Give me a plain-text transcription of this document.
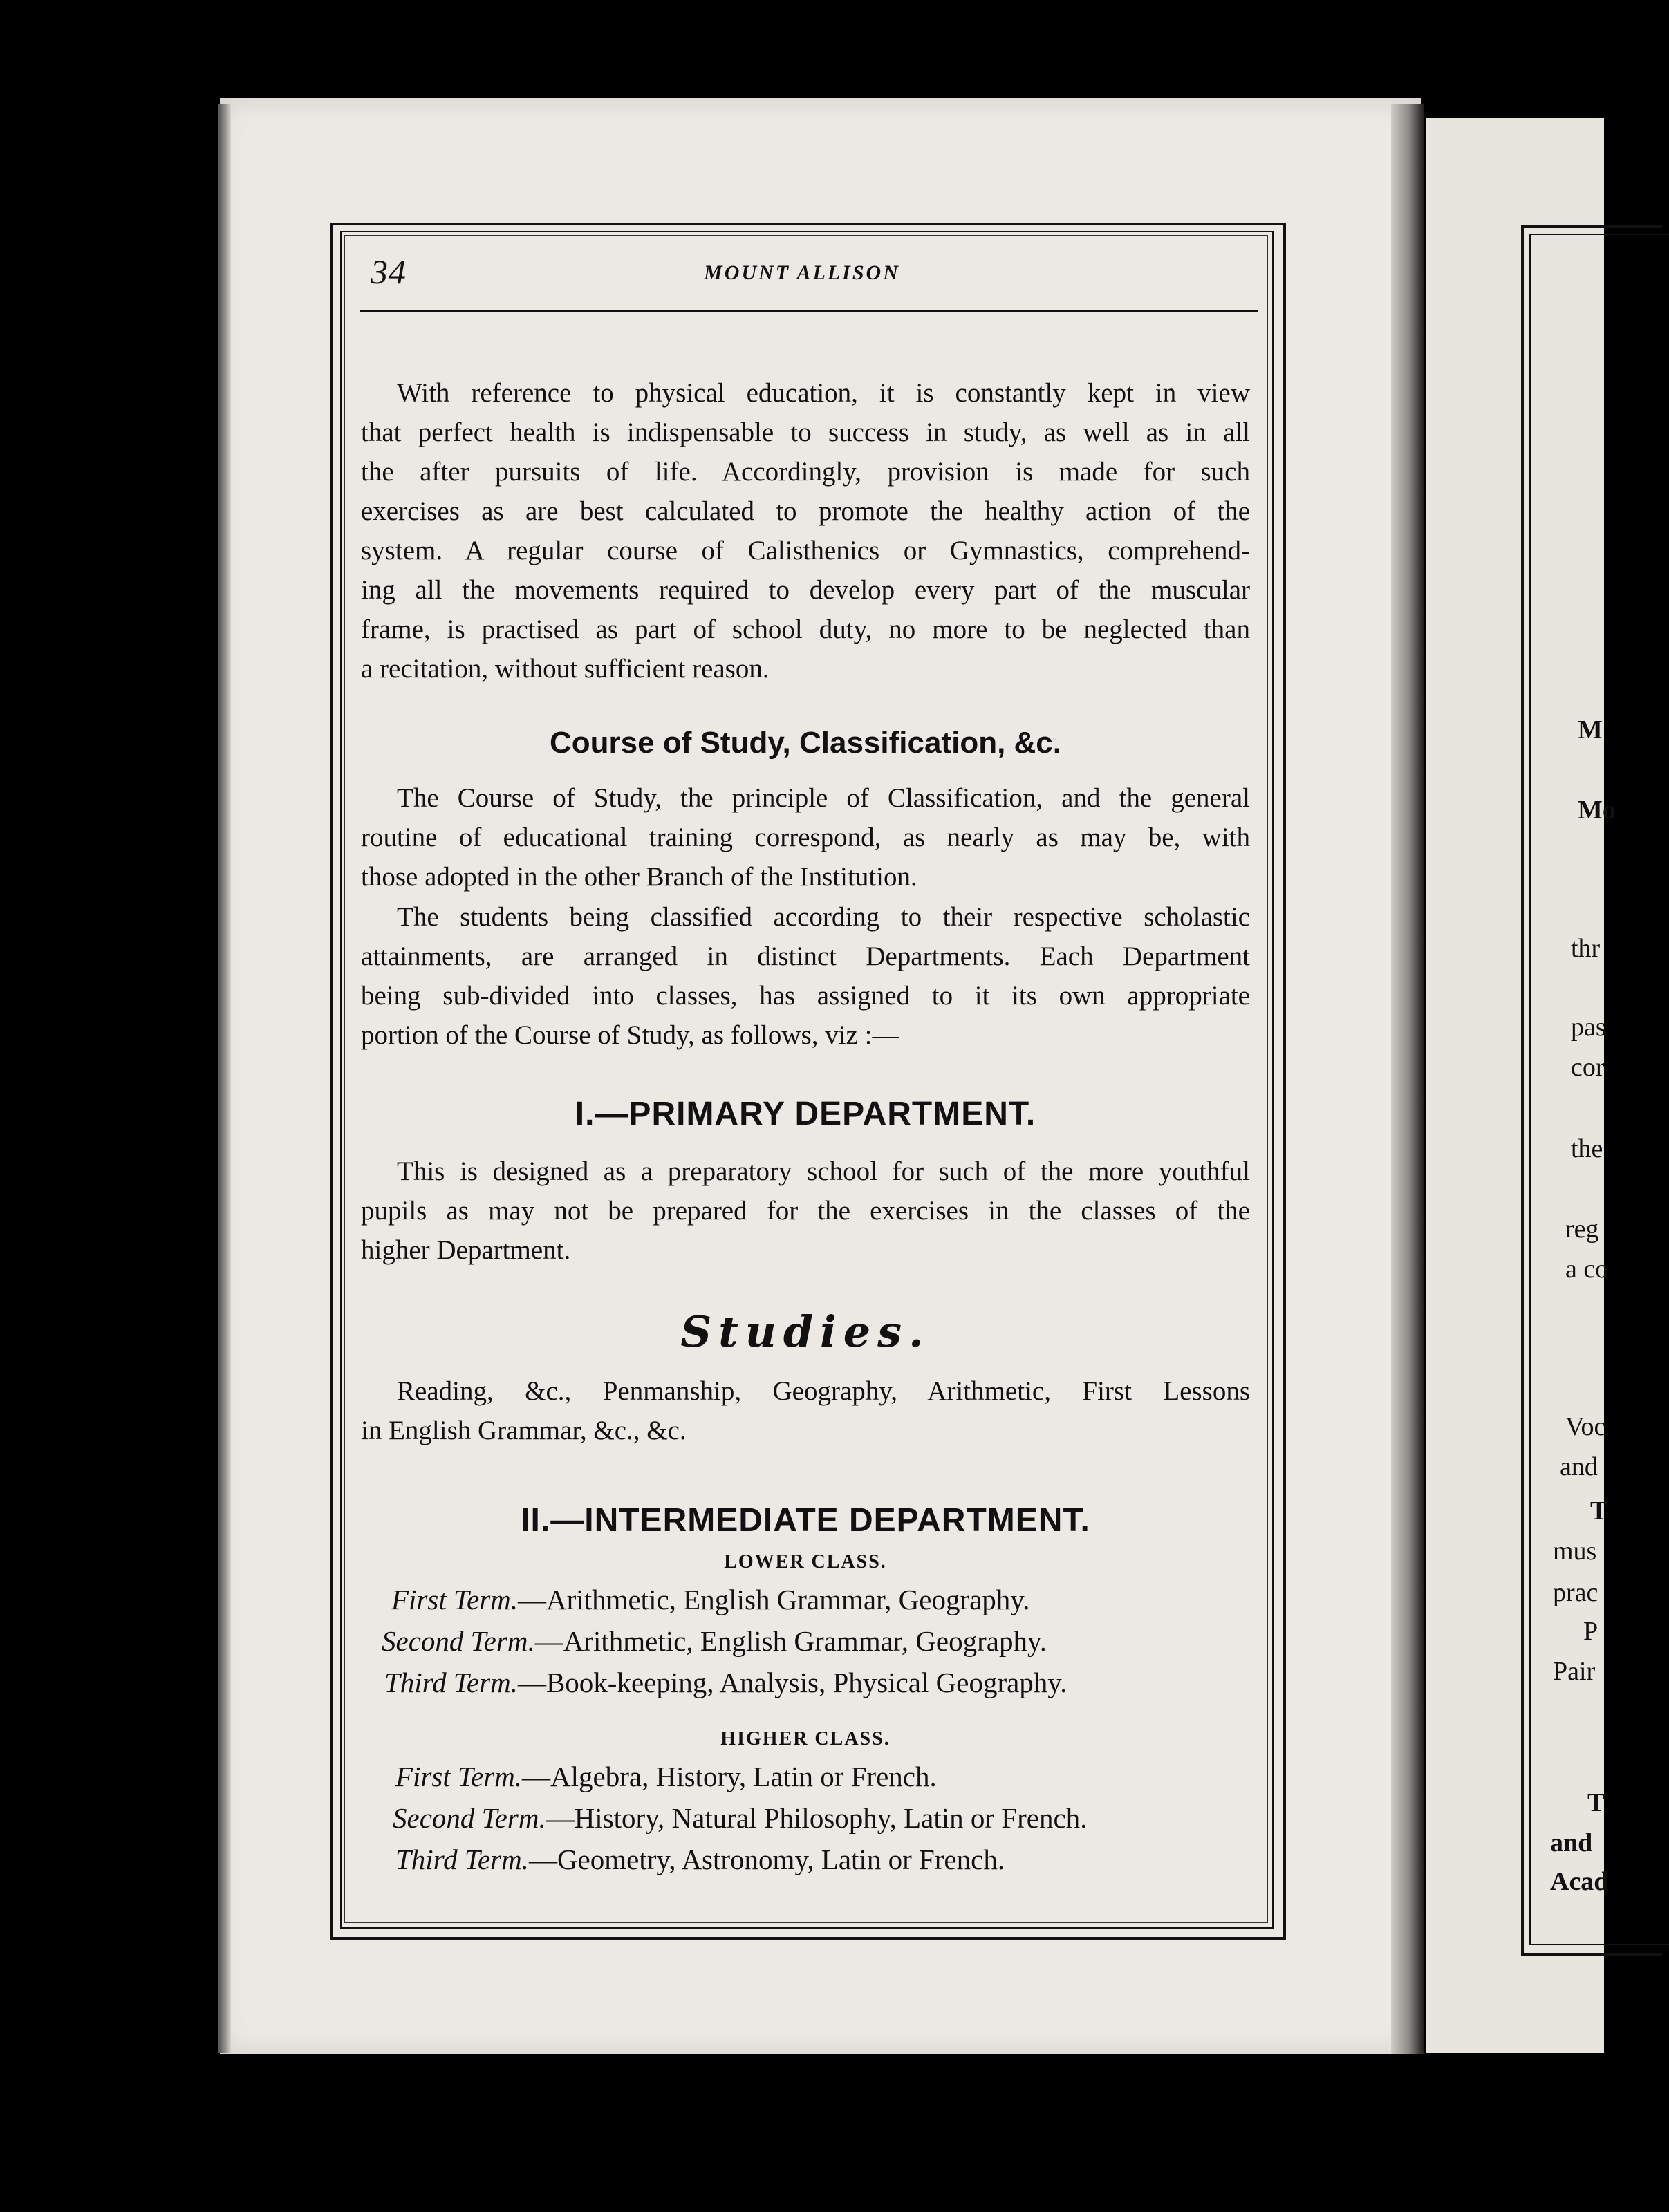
M
Mo
thr
pas
cor
the
reg
a co
Voc
and
T
mus
prac
P
Pair
T
and
Acad
34	MOUNT ALLISON
With reference to physical education, it is constantly kept in view
that perfect health is indispensable to success in study, as well as in all
the after pursuits of life. Accordingly, provision is made for such
exercises as are best calculated to promote the healthy action of the
system. A regular course of Calisthenics or Gymnastics, comprehend-
ing all the movements required to develop every part of the muscular
frame, is practised as part of school duty, no more to be neglected than
a recitation, without sufficient reason.
Course of Study, Classification, &c.
The Course of Study, the principle of Classification, and the general
routine of educational training correspond, as nearly as may be, with
those adopted in the other Branch of the Institution.
The students being classified according to their respective scholastic
attainments, are arranged in distinct Departments. Each Department
being sub-divided into classes, has assigned to it its own appropriate
portion of the Course of Study, as follows, viz :—
I.—PRIMARY DEPARTMENT.
This is designed as a preparatory school for such of the more youthful
pupils as may not be prepared for the exercises in the classes of the
higher Department.
Studies.
Reading, &c., Penmanship, Geography, Arithmetic, First Lessons
in English Grammar, &c., &c.
II.—INTERMEDIATE DEPARTMENT.
LOWER CLASS.
First Term.—Arithmetic, English Grammar, Geography.
Second Term.—Arithmetic, English Grammar, Geography.
Third Term.—Book-keeping, Analysis, Physical Geography.
HIGHER CLASS.
First Term.—Algebra, History, Latin or French.
Second Term.—History, Natural Philosophy, Latin or French.
Third Term.—Geometry, Astronomy, Latin or French.
